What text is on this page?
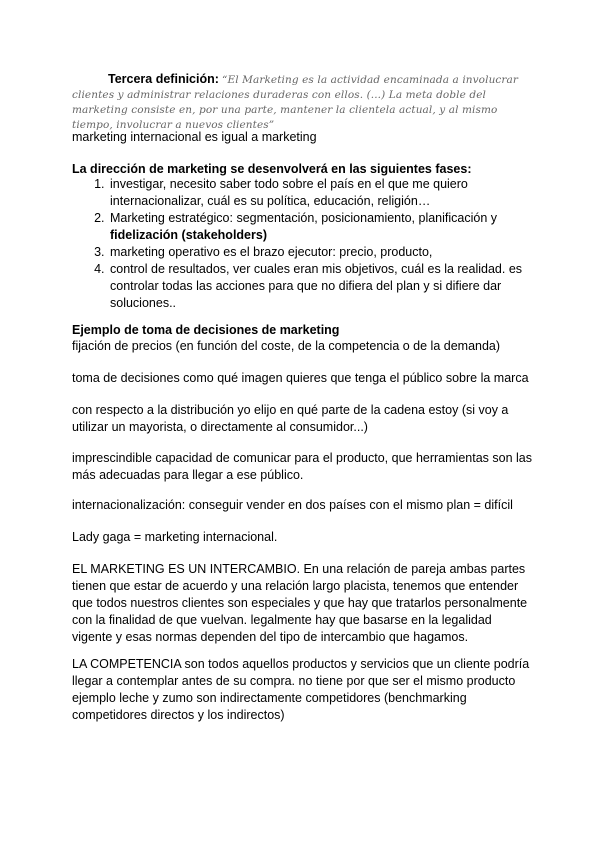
Tercera definición: “El Marketing es la actividad encaminada a involucrar clientes y administrar relaciones duraderas con ellos. (...) La meta doble del marketing consiste en, por una parte, mantener la clientela actual, y al mismo tiempo, involucrar a nuevos clientes”

marketing internacional es igual a marketing

La dirección de marketing se desenvolverá en las siguientes fases:

1. investigar, necesito saber todo sobre el país en el que me quiero internacionalizar, cuál es su política, educación, religión…
2. Marketing estratégico: segmentación, posicionamiento, planificación y
fidelización (stakeholders)
3. marketing operativo es el brazo ejecutor: precio, producto,
4. control de resultados, ver cuales eran mis objetivos, cuál es la realidad. es controlar todas las acciones para que no difiera del plan y si difiere dar soluciones..

Ejemplo de toma de decisiones de marketing

fijación de precios (en función del coste, de la competencia o de la demanda)

toma de decisiones como qué imagen quieres que tenga el público sobre la marca

con respecto a la distribución yo elijo en qué parte de la cadena estoy (si voy a utilizar un mayorista, o directamente al consumidor...)

imprescindible capacidad de comunicar para el producto, que herramientas son las más adecuadas para llegar a ese público.

internacionalización: conseguir vender en dos países con el mismo plan = difícil

Lady gaga = marketing internacional.

EL MARKETING ES UN INTERCAMBIO. En una relación de pareja ambas partes tienen que estar de acuerdo y una relación largo placista, tenemos que entender que todos nuestros clientes son especiales y que hay que tratarlos personalmente con la finalidad de que vuelvan. legalmente hay que basarse en la legalidad vigente y esas normas dependen del tipo de intercambio que hagamos.

LA COMPETENCIA son todos aquellos productos y servicios que un cliente podría llegar a contemplar antes de su compra. no tiene por que ser el mismo producto ejemplo leche y zumo son indirectamente competidores (benchmarking competidores directos y los indirectos)
